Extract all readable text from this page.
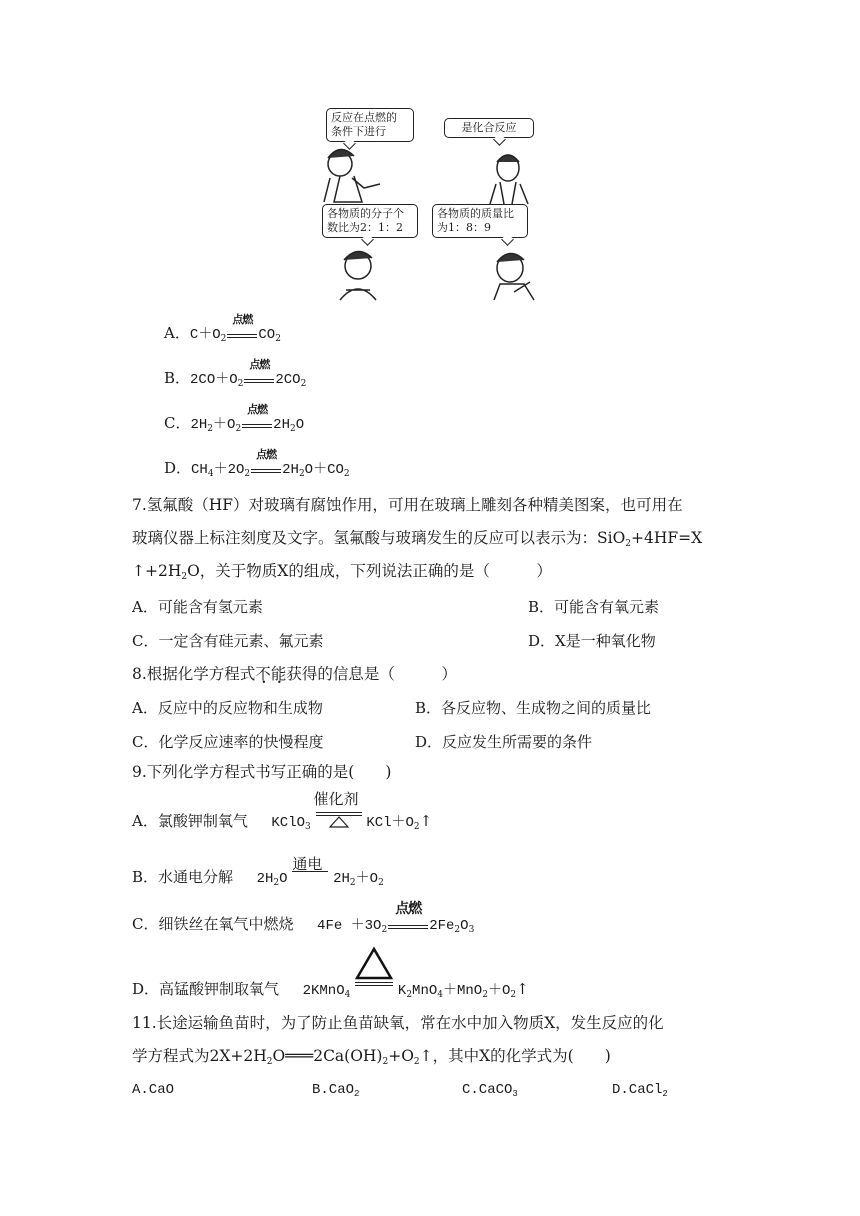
反应在点燃的
条件下进行	是化合反应
各物质的分子个
数比为2：1：2
各物质的质量比
为1：8：9
A．$C+O_2$
点燃
$CO_2$
B．$2CO+O_2$
点燃
$2CO_2$
C．$2H_2+O_2$
点燃
$2H_2O$
D．$CH_4+2O_2$
点燃
$2H_2O+CO_2$
7.氢氟酸（HF）对玻璃有腐蚀作用，可用在玻璃上雕刻各种精美图案，也可用在
玻璃仪器上标注刻度及文字。氢氟酸与玻璃发生的反应可以表示为：SiO$_2$+4HF=X
$↑+2H_2O$，关于物质X的组成，下列说法正确的是（　　　）
A．可能含有氢元素	B．可能含有氧元素
C．一定含有硅元素、氟元素	D．X是一种氧化物
8.根据化学方程式不能获得的信息是（　　　）
A．反应中的反应物和生成物	B．各反应物、生成物之间的质量比
C．化学反应速率的快慢程度	D．反应发生所需要的条件
9.下列化学方程式书写正确的是(　　)
A．氯酸钾制氧气 KClO$_3$
催化剂
$KCl+O_2↑$
B．水通电分解 $2H_2O$
通电
$2H_2+O_2$
C．细铁丝在氧气中燃烧 $4Fe +3O_2$
点燃
$2Fe_2O_3$
D．高锰酸钾制取氧气 2KMnO$_4$	$K_2MnO_4+MnO_2+O_2↑$
11.长途运输鱼苗时，为了防止鱼苗缺氧，常在水中加入物质X，发生反应的化
学方程式为$2X+2H_2O═══2Ca(OH)_2+O_2↑$，其中X的化学式为(　　)
A.CaO	B.CaO$_2$	C.CaCO$_3$	D.CaCl$_2$
